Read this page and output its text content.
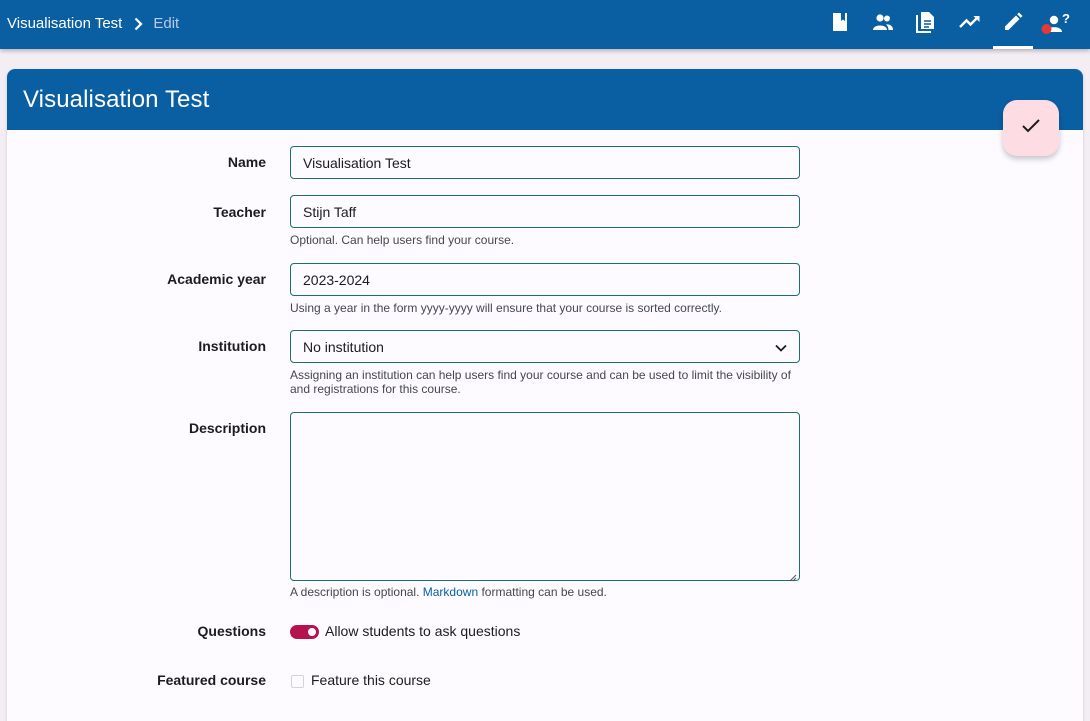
Visualisation Test Edit	?
Visualisation Test
Name	Visualisation Test
Teacher	Stijn Taff
Optional. Can help users find your course.
Academic year	2023-2024
Using a year in the form yyyy-yyyy will ensure that your course is sorted correctly.
Institution	No institution
Assigning an institution can help users find your course and can be used to limit the visibility of and registrations for this course.
Description
A description is optional. Markdown formatting can be used.
Questions	Allow students to ask questions
Featured course	Feature this course
